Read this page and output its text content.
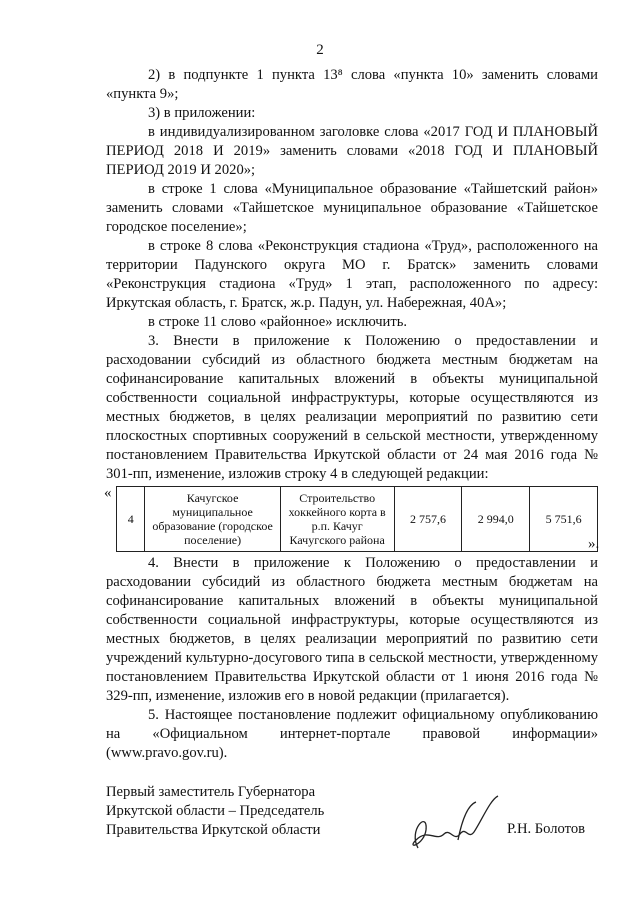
2

2) в подпункте 1 пункта 13⁸ слова «пункта 10» заменить словами «пункта 9»;

3) в приложении:

в индивидуализированном заголовке слова «2017 ГОД И ПЛАНОВЫЙ ПЕРИОД 2018 И 2019» заменить словами «2018 ГОД И ПЛАНОВЫЙ ПЕРИОД 2019 И 2020»;

в строке 1 слова «Муниципальное образование «Тайшетский район» заменить словами «Тайшетское муниципальное образование «Тайшетское городское поселение»;

в строке 8 слова «Реконструкция стадиона «Труд», расположенного на территории Падунского округа МО г. Братск» заменить словами «Реконструкция стадиона «Труд» 1 этап, расположенного по адресу: Иркутская область, г. Братск, ж.р. Падун, ул. Набережная, 40А»;

в строке 11 слово «районное» исключить.

3. Внести в приложение к Положению о предоставлении и расходовании субсидий из областного бюджета местным бюджетам на софинансирование капитальных вложений в объекты муниципальной собственности социальной инфраструктуры, которые осуществляются из местных бюджетов, в целях реализации мероприятий по развитию сети плоскостных спортивных сооружений в сельской местности, утвержденному постановлением Правительства Иркутской области от 24 мая 2016 года № 301-пп, изменение, изложив строку 4 в следующей редакции:

«
4	Качугское муниципальное образование (городское поселение)	Строительство хоккейного корта в р.п. Качуг Качугского района	2 757,6	2 994,0	5 751,6
».

4. Внести в приложение к Положению о предоставлении и расходовании субсидий из областного бюджета местным бюджетам на софинансирование капитальных вложений в объекты муниципальной собственности социальной инфраструктуры, которые осуществляются из местных бюджетов, в целях реализации мероприятий по развитию сети учреждений культурно-досугового типа в сельской местности, утвержденному постановлением Правительства Иркутской области от 1 июня 2016 года № 329-пп, изменение, изложив его в новой редакции (прилагается).

5. Настоящее постановление подлежит официальному опубликованию на «Официальном интернет-портале правовой информации» (www.pravo.gov.ru).

Первый заместитель Губернатора
Иркутской области – Председатель
Правительства Иркутской области	Р.Н. Болотов
